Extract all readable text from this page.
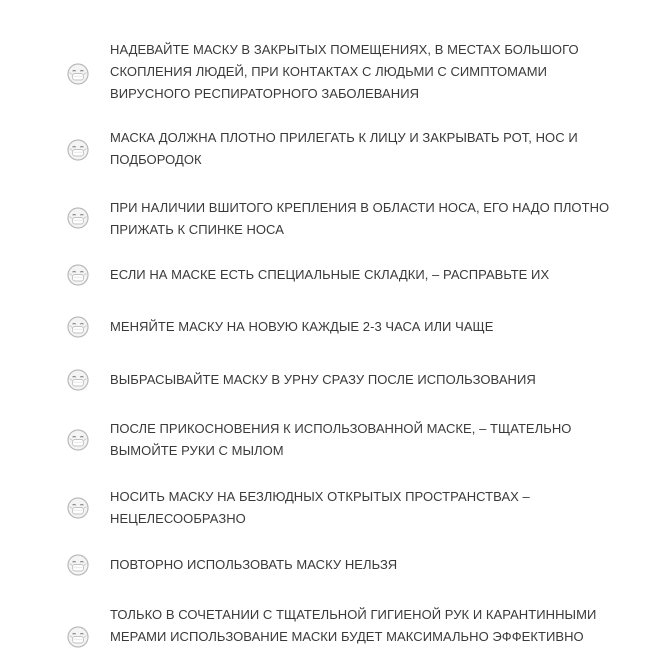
НАДЕВАЙТЕ МАСКУ В ЗАКРЫТЫХ ПОМЕЩЕНИЯХ, В МЕСТАХ БОЛЬШОГО
СКОПЛЕНИЯ ЛЮДЕЙ, ПРИ КОНТАКТАХ С ЛЮДЬМИ С СИМПТОМАМИ
ВИРУСНОГО РЕСПИРАТОРНОГО ЗАБОЛЕВАНИЯ
МАСКА ДОЛЖНА ПЛОТНО ПРИЛЕГАТЬ К ЛИЦУ И ЗАКРЫВАТЬ РОТ, НОС И
ПОДБОРОДОК
ПРИ НАЛИЧИИ ВШИТОГО КРЕПЛЕНИЯ В ОБЛАСТИ НОСА, ЕГО НАДО ПЛОТНО
ПРИЖАТЬ К СПИНКЕ НОСА
ЕСЛИ НА МАСКЕ ЕСТЬ СПЕЦИАЛЬНЫЕ СКЛАДКИ, – РАСПРАВЬТЕ ИХ
МЕНЯЙТЕ МАСКУ НА НОВУЮ КАЖДЫЕ 2-3 ЧАСА ИЛИ ЧАЩЕ
ВЫБРАСЫВАЙТЕ МАСКУ В УРНУ СРАЗУ ПОСЛЕ ИСПОЛЬЗОВАНИЯ
ПОСЛЕ ПРИКОСНОВЕНИЯ К ИСПОЛЬЗОВАННОЙ МАСКЕ, – ТЩАТЕЛЬНО
ВЫМОЙТЕ РУКИ С МЫЛОМ
НОСИТЬ МАСКУ НА БЕЗЛЮДНЫХ ОТКРЫТЫХ ПРОСТРАНСТВАХ –
НЕЦЕЛЕСООБРАЗНО
ПОВТОРНО ИСПОЛЬЗОВАТЬ МАСКУ НЕЛЬЗЯ
ТОЛЬКО В СОЧЕТАНИИ С ТЩАТЕЛЬНОЙ ГИГИЕНОЙ РУК И КАРАНТИННЫМИ
МЕРАМИ ИСПОЛЬЗОВАНИЕ МАСКИ БУДЕТ МАКСИМАЛЬНО ЭФФЕКТИВНО
